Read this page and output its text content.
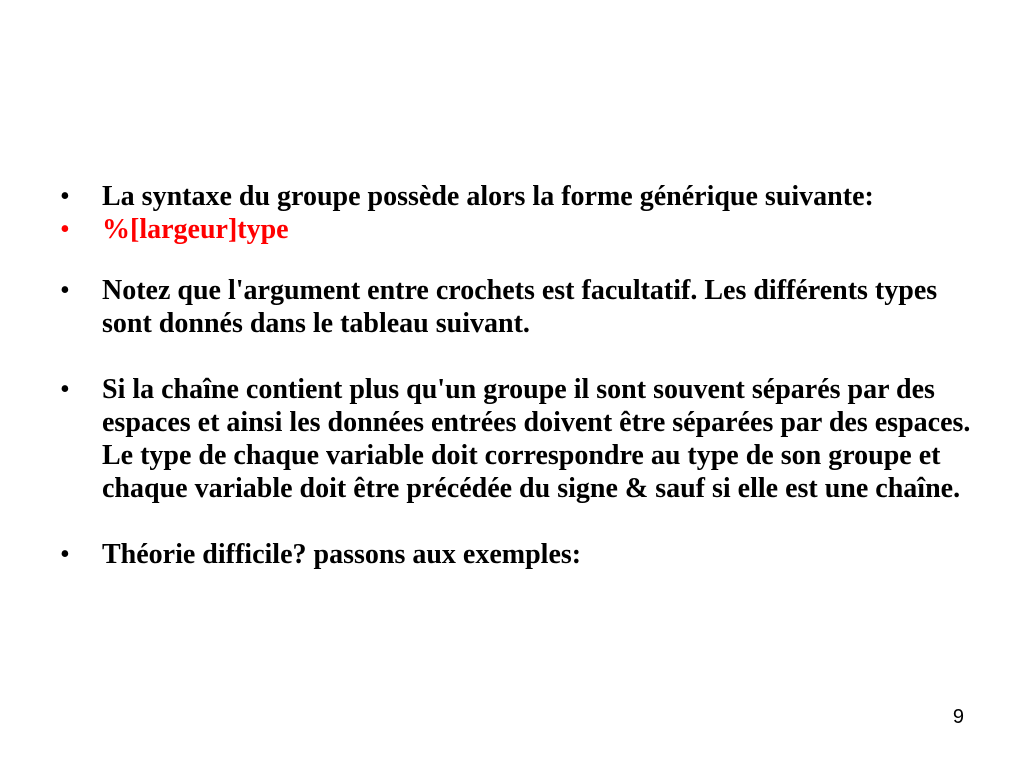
•	La syntaxe du groupe possède alors la forme générique suivante:
•	%[largeur]type
•	Notez que l'argument entre crochets est facultatif. Les différents types sont donnés dans le tableau suivant.
•	Si la chaîne contient plus qu'un groupe il sont souvent séparés par des espaces et ainsi les données entrées doivent être séparées par des espaces. Le type de chaque variable doit correspondre au type de son groupe et chaque variable doit être précédée du signe & sauf si elle est une chaîne.
•	Théorie difficile? passons aux exemples:
9
